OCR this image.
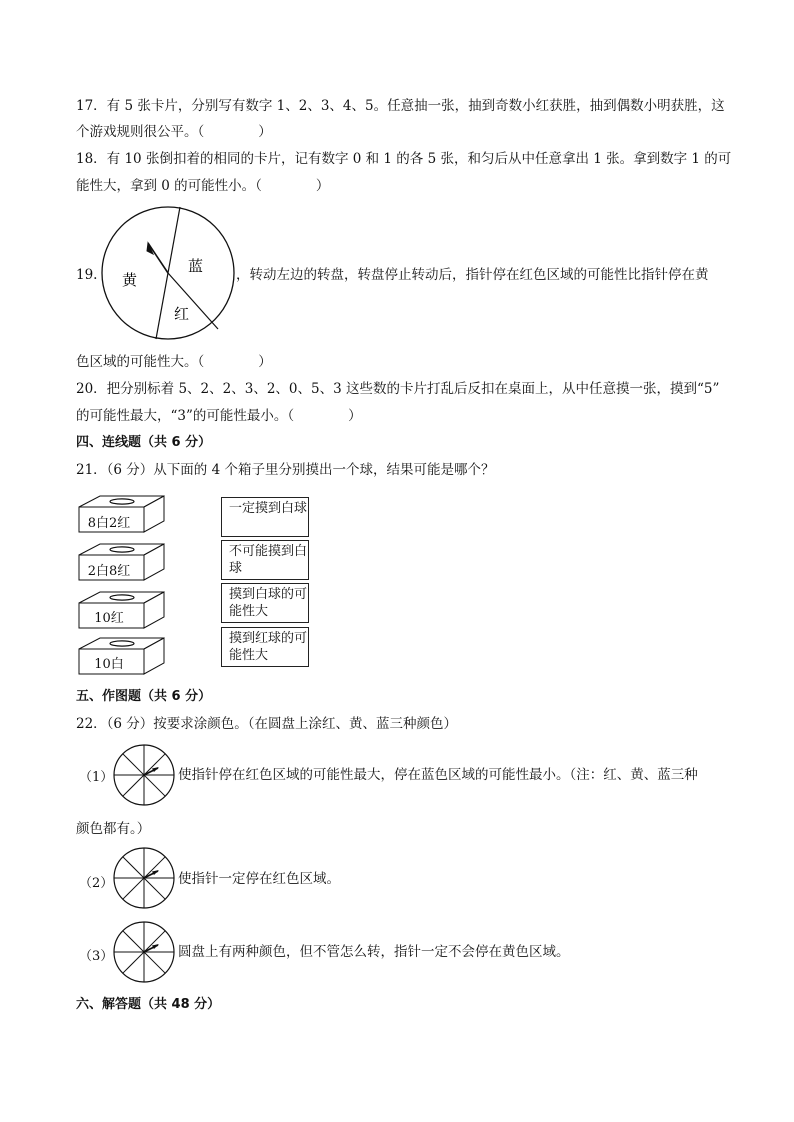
17．有 5 张卡片，分别写有数字 1、2、3、4、5。任意抽一张，抽到奇数小红获胜，抽到偶数小明获胜，这
个游戏规则很公平。（　　　　）
18．有 10 张倒扣着的相同的卡片，记有数字 0 和 1 的各 5 张，和匀后从中任意拿出 1 张。拿到数字 1 的可
能性大，拿到 0 的可能性小。（　　　　）
19. 黄
蓝
红
，转动左边的转盘，转盘停止转动后，指针停在红色区域的可能性比指针停在黄
色区域的可能性大。（　　　　）
20．把分别标着 5、2、2、3、2、0、5、3 这些数的卡片打乱后反扣在桌面上，从中任意摸一张，摸到“5”
的可能性最大，“3”的可能性最小。（　　　　）
四、连线题（共 6 分）
21．（6 分）从下面的 4 个箱子里分别摸出一个球，结果可能是哪个？
8白2红
2白8红
10红
10白
一定摸到白球
不可能摸到白球
摸到白球的可能性大
摸到红球的可能性大
五、作图题（共 6 分）
22．（6 分）按要求涂颜色。（在圆盘上涂红、黄、蓝三种颜色）
（1）	使指针停在红色区域的可能性最大，停在蓝色区域的可能性最小。（注：红、黄、蓝三种
颜色都有。）
（2）	使指针一定停在红色区域。
（3）	圆盘上有两种颜色，但不管怎么转，指针一定不会停在黄色区域。
六、解答题（共 48 分）
